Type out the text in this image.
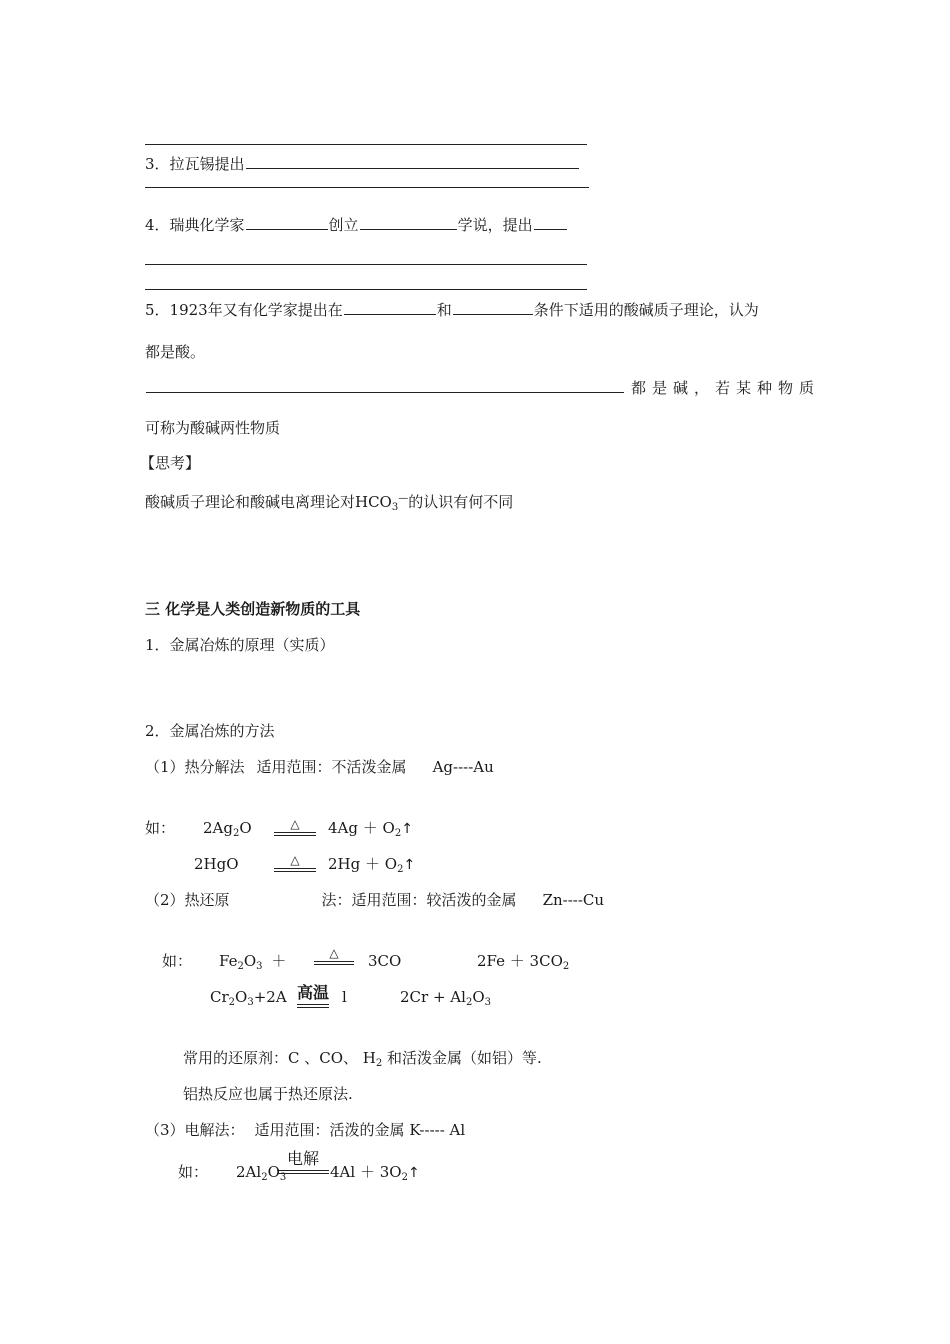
3．拉瓦锡提出
4．瑞典化学家	创立	学说，提出
5．1923年又有化学家提出在	和	条件下适用的酸碱质子理论，认为
都是酸。
都是碱，若某种物质
可称为酸碱两性物质
【思考】
酸碱质子理论和酸碱电离理论对$HCO_3^—$的认识有何不同
三 化学是人类创造新物质的工具
1．金属冶炼的原理（实质）
2．金属冶炼的方法
（1）热分解法 适用范围：不活泼金属 Ag----Au
如： $2Ag_2O$	△	$4Ag + O_2↑$
2HgO	△	$2Hg + O_2↑$
（2）热还原	法：适用范围：较活泼的金属 Zn----Cu
如： $Fe_2O_3$ ＋	△	3CO	$2Fe + 3CO_2$
$Cr_2O_3+2A$ 高温 l	$2Cr + Al_2O_3$
常用的还原剂：C 、CO、 $H_2$ 和活泼金属（如铝）等.
铝热反应也属于热还原法.
（3）电解法： 适用范围：活泼的金属 K----- Al
如： $2Al_2O_3$
电解
$4Al + 3O_2↑$
